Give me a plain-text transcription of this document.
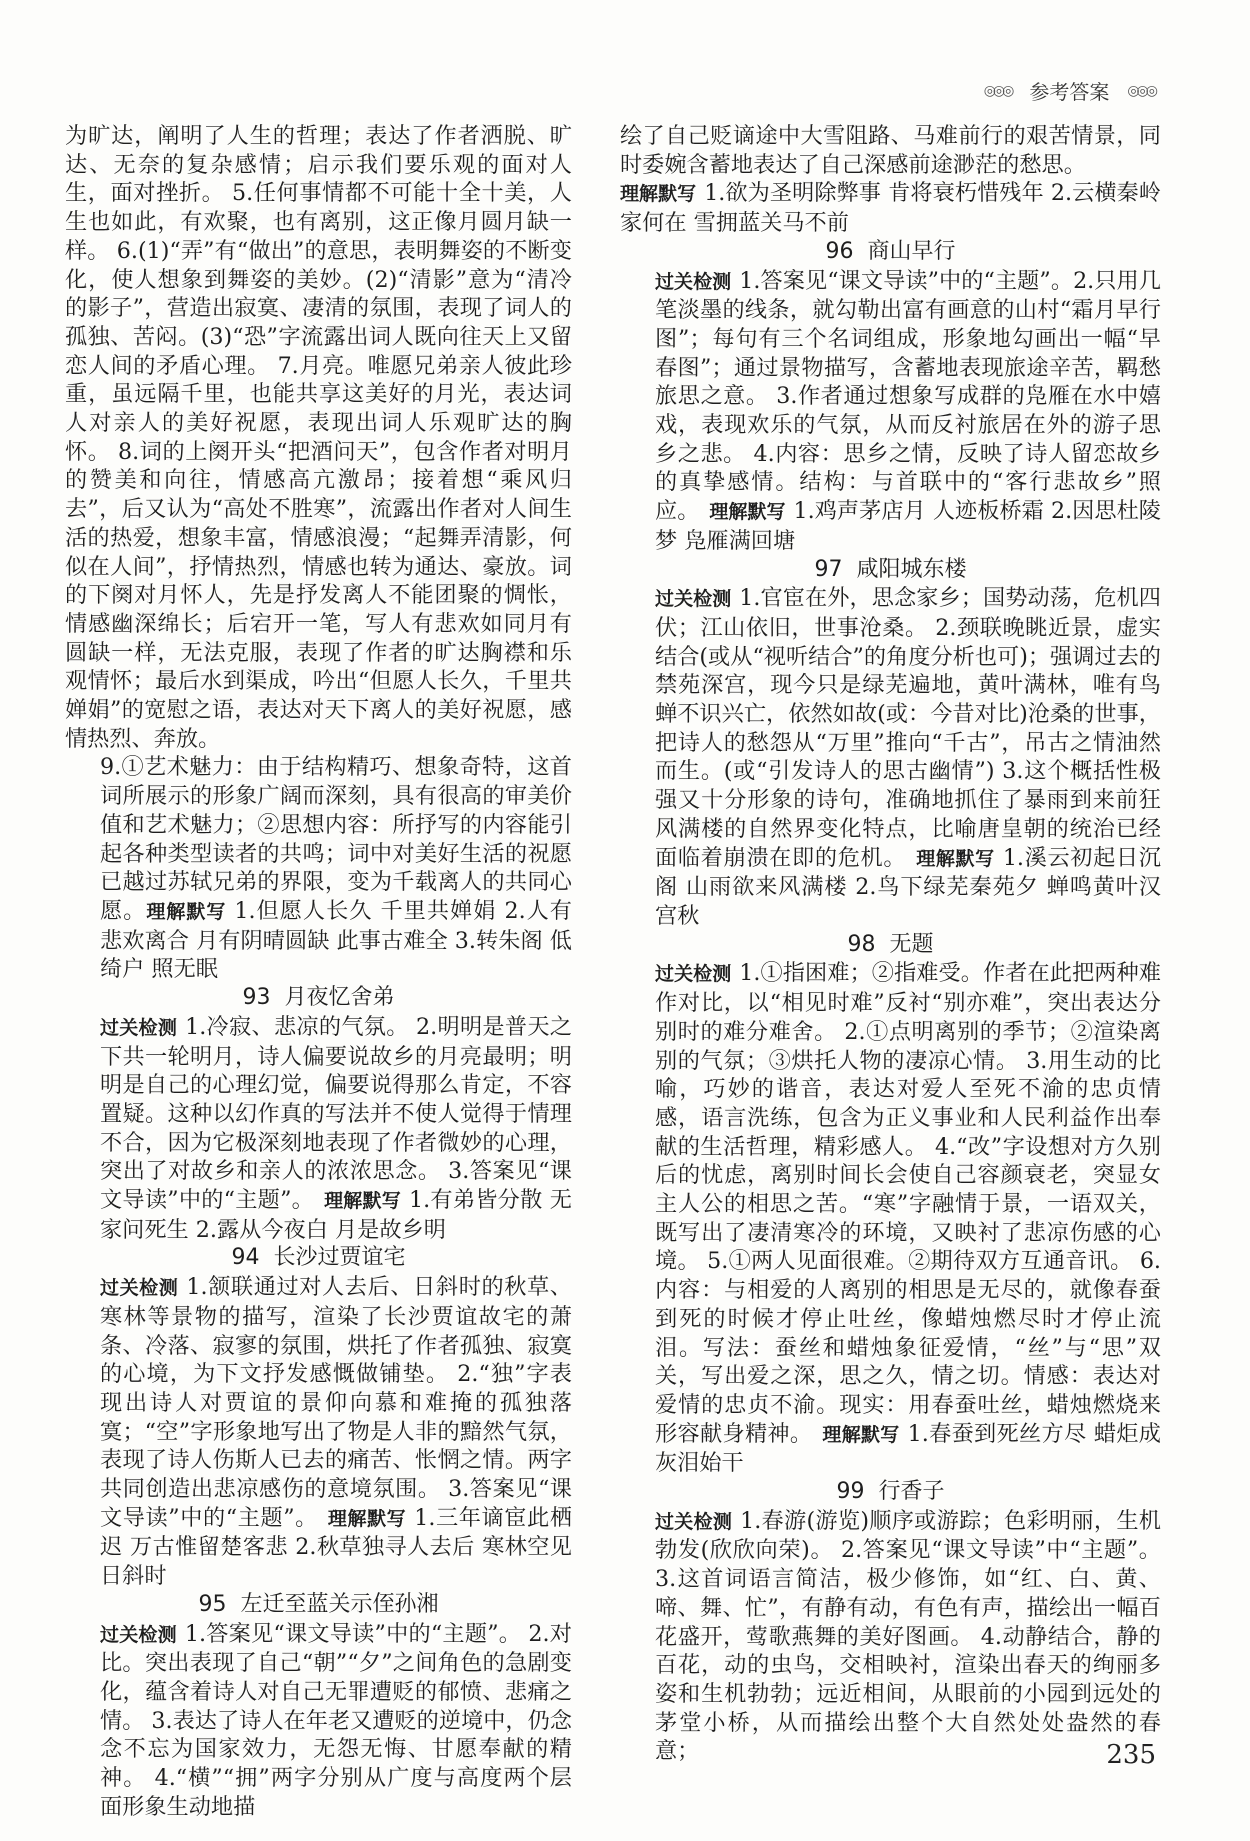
◎◎◎ 参考答案 ◎◎◎

为旷达，阐明了人生的哲理；表达了作者洒脱、旷达、无奈的复杂感情；启示我们要乐观的面对人生，面对挫折。 5.任何事情都不可能十全十美，人生也如此，有欢聚，也有离别，这正像月圆月缺一样。 6.(1)“弄”有“做出”的意思，表明舞姿的不断变化，使人想象到舞姿的美妙。(2)“清影”意为“清冷的影子”，营造出寂寞、凄清的氛围，表现了词人的孤独、苦闷。(3)“恐”字流露出词人既向往天上又留恋人间的矛盾心理。 7.月亮。唯愿兄弟亲人彼此珍重，虽远隔千里，也能共享这美好的月光，表达词人对亲人的美好祝愿，表现出词人乐观旷达的胸怀。 8.词的上阕开头“把酒问天”，包含作者对明月的赞美和向往，情感高亢激昂；接着想“乘风归去”，后又认为“高处不胜寒”，流露出作者对人间生活的热爱，想象丰富，情感浪漫；“起舞弄清影，何似在人间”，抒情热烈，情感也转为通达、豪放。词的下阕对月怀人，先是抒发离人不能团聚的惆怅，情感幽深绵长；后宕开一笔，写人有悲欢如同月有圆缺一样，无法克服，表现了作者的旷达胸襟和乐观情怀；最后水到渠成，吟出“但愿人长久，千里共婵娟”的宽慰之语，表达对天下离人的美好祝愿，感情热烈、奔放。

9.①艺术魅力：由于结构精巧、想象奇特，这首词所展示的形象广阔而深刻，具有很高的审美价值和艺术魅力；②思想内容：所抒写的内容能引起各种类型读者的共鸣；词中对美好生活的祝愿已越过苏轼兄弟的界限，变为千载离人的共同心愿。理解默写 1.但愿人长久 千里共婵娟 2.人有悲欢离合 月有阴晴圆缺 此事古难全 3.转朱阁 低绮户 照无眠

93 月夜忆舍弟

过关检测 1.冷寂、悲凉的气氛。 2.明明是普天之下共一轮明月，诗人偏要说故乡的月亮最明；明明是自己的心理幻觉，偏要说得那么肯定，不容置疑。这种以幻作真的写法并不使人觉得于情理不合，因为它极深刻地表现了作者微妙的心理，突出了对故乡和亲人的浓浓思念。 3.答案见“课文导读”中的“主题”。 理解默写 1.有弟皆分散 无家问死生 2.露从今夜白 月是故乡明

94 长沙过贾谊宅

过关检测 1.颔联通过对人去后、日斜时的秋草、寒林等景物的描写，渲染了长沙贾谊故宅的萧条、冷落、寂寥的氛围，烘托了作者孤独、寂寞的心境，为下文抒发感慨做铺垫。 2.“独”字表现出诗人对贾谊的景仰向慕和难掩的孤独落寞；“空”字形象地写出了物是人非的黯然气氛，表现了诗人伤斯人已去的痛苦、怅惘之情。两字共同创造出悲凉感伤的意境氛围。 3.答案见“课文导读”中的“主题”。 理解默写 1.三年谪宦此栖迟 万古惟留楚客悲 2.秋草独寻人去后 寒林空见日斜时

95 左迁至蓝关示侄孙湘

过关检测 1.答案见“课文导读”中的“主题”。 2.对比。突出表现了自己“朝”“夕”之间角色的急剧变化，蕴含着诗人对自己无罪遭贬的郁愤、悲痛之情。 3.表达了诗人在年老又遭贬的逆境中，仍念念不忘为国家效力，无怨无悔、甘愿奉献的精神。 4.“横”“拥”两字分别从广度与高度两个层面形象生动地描

绘了自己贬谪途中大雪阻路、马难前行的艰苦情景，同时委婉含蓄地表达了自己深感前途渺茫的愁思。
理解默写 1.欲为圣明除弊事 肯将衰朽惜残年 2.云横秦岭家何在 雪拥蓝关马不前

96 商山早行

过关检测 1.答案见“课文导读”中的“主题”。2.只用几笔淡墨的线条，就勾勒出富有画意的山村“霜月早行图”；每句有三个名词组成，形象地勾画出一幅“早春图”；通过景物描写，含蓄地表现旅途辛苦，羁愁旅思之意。 3.作者通过想象写成群的凫雁在水中嬉戏，表现欢乐的气氛，从而反衬旅居在外的游子思乡之悲。 4.内容：思乡之情，反映了诗人留恋故乡的真挚感情。结构：与首联中的“客行悲故乡”照应。 理解默写 1.鸡声茅店月 人迹板桥霜 2.因思杜陵梦 凫雁满回塘

97 咸阳城东楼

过关检测 1.官宦在外，思念家乡；国势动荡，危机四伏；江山依旧，世事沧桑。 2.颈联晚眺近景，虚实结合(或从“视听结合”的角度分析也可)；强调过去的禁苑深宫，现今只是绿芜遍地，黄叶满林，唯有鸟蝉不识兴亡，依然如故(或：今昔对比)沧桑的世事，把诗人的愁怨从“万里”推向“千古”，吊古之情油然而生。(或“引发诗人的思古幽情”) 3.这个概括性极强又十分形象的诗句，准确地抓住了暴雨到来前狂风满楼的自然界变化特点，比喻唐皇朝的统治已经面临着崩溃在即的危机。 理解默写 1.溪云初起日沉阁 山雨欲来风满楼 2.鸟下绿芜秦苑夕 蝉鸣黄叶汉宫秋

98 无题

过关检测 1.①指困难；②指难受。作者在此把两种难作对比，以“相见时难”反衬“别亦难”，突出表达分别时的难分难舍。 2.①点明离别的季节；②渲染离别的气氛；③烘托人物的凄凉心情。 3.用生动的比喻，巧妙的谐音，表达对爱人至死不渝的忠贞情感，语言洗练，包含为正义事业和人民利益作出奉献的生活哲理，精彩感人。 4.“改”字设想对方久别后的忧虑，离别时间长会使自己容颜衰老，突显女主人公的相思之苦。“寒”字融情于景，一语双关，既写出了凄清寒冷的环境，又映衬了悲凉伤感的心境。 5.①两人见面很难。②期待双方互通音讯。 6.内容：与相爱的人离别的相思是无尽的，就像春蚕到死的时候才停止吐丝，像蜡烛燃尽时才停止流泪。写法：蚕丝和蜡烛象征爱情，“丝”与“思”双关，写出爱之深，思之久，情之切。情感：表达对爱情的忠贞不渝。现实：用春蚕吐丝，蜡烛燃烧来形容献身精神。 理解默写 1.春蚕到死丝方尽 蜡炬成灰泪始干

99 行香子

过关检测 1.春游(游览)顺序或游踪；色彩明丽，生机勃发(欣欣向荣)。 2.答案见“课文导读”中“主题”。 3.这首词语言简洁，极少修饰，如“红、白、黄、啼、舞、忙”，有静有动，有色有声，描绘出一幅百花盛开，莺歌燕舞的美好图画。 4.动静结合，静的百花，动的虫鸟，交相映衬，渲染出春天的绚丽多姿和生机勃勃；远近相间，从眼前的小园到远处的茅堂小桥，从而描绘出整个大自然处处盎然的春意；	235
